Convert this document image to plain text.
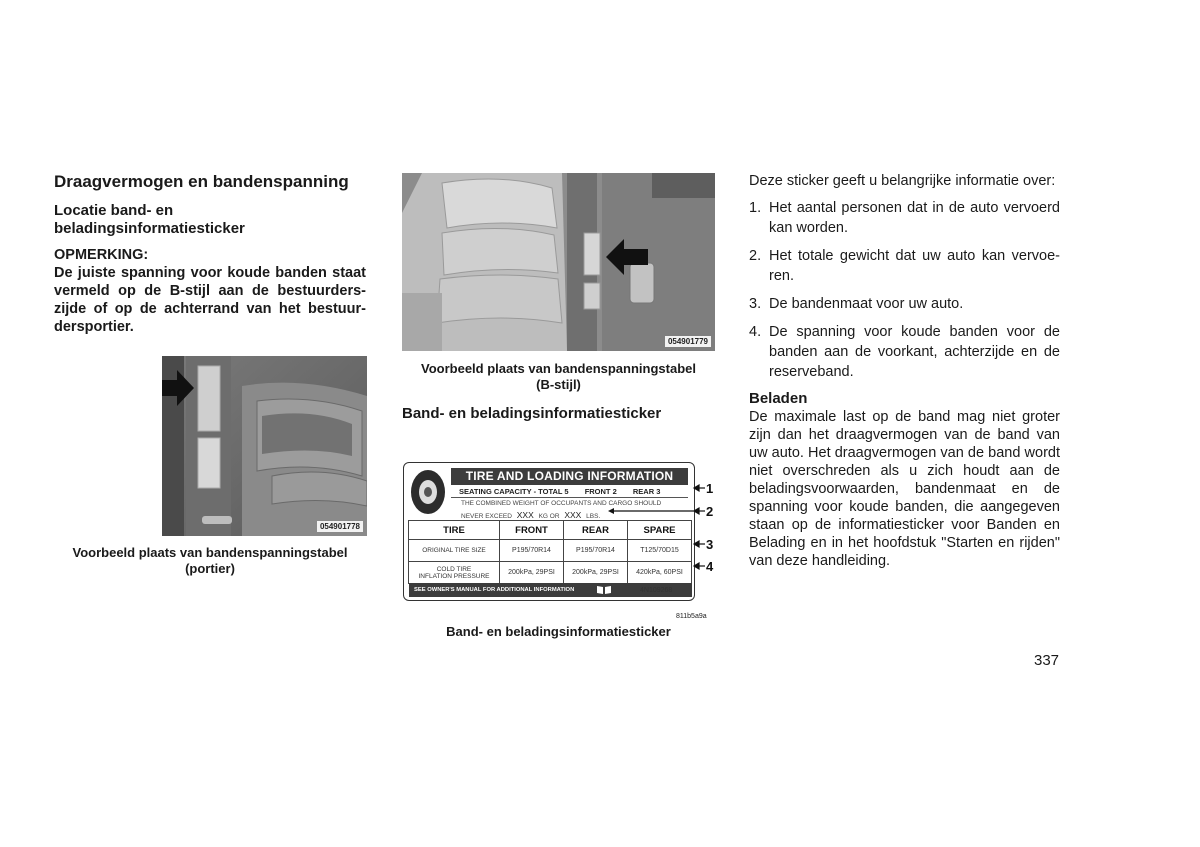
Draagvermogen en bandenspanning
Locatie band- en
beladingsinformatiesticker
OPMERKING:

De juiste spanning voor koude banden staat vermeld op de B-stijl aan de bestuurders-zijde of op de achterrand van het bestuur-dersportier.

054901778
Voorbeeld plaats van bandenspanningstabel
(portier)
054901779
Voorbeeld plaats van bandenspanningstabel
(B-stijl)
Band- en beladingsinformatiesticker
TIRE AND LOADING INFORMATION
SEATING CAPACITY - TOTAL 5 FRONT 2 REAR 3
THE COMBINED WEIGHT OF OCCUPANTS AND CARGO SHOULD
NEVER EXCEED XXX KG OR XXX LBS.
TIRE	FRONT	REAR	SPARE
ORIGINAL TIRE SIZE	P195/70R14	P195/70R14	T125/70D15

COLD TIRE
INFLATION PRESSURE	200kPa, 29PSI	200kPa, 29PSI	420kPa, 60PSI
SEE OWNER'S MANUAL FOR ADDITIONAL INFORMATION	4N109268
1
2
3
4
811b5a9a
Band- en beladingsinformatiesticker

Deze sticker geeft u belangrijke informatie over:

1. Het aantal personen dat in de auto vervoerd kan worden.
2. Het totale gewicht dat uw auto kan vervoe-ren.
3. De bandenmaat voor uw auto.
4. De spanning voor koude banden voor de banden aan de voorkant, achterzijde en de reserveband.
Beladen

De maximale last op de band mag niet groter zijn dan het draagvermogen van de band van uw auto. Het draagvermogen van de band wordt niet overschreden als u zich houdt aan de beladingsvoorwaarden, bandenmaat en de spanning voor koude banden, die aangegeven staan op de informatiesticker voor Banden en Belading en in het hoofdstuk "Starten en rijden" van deze handleiding.

337
